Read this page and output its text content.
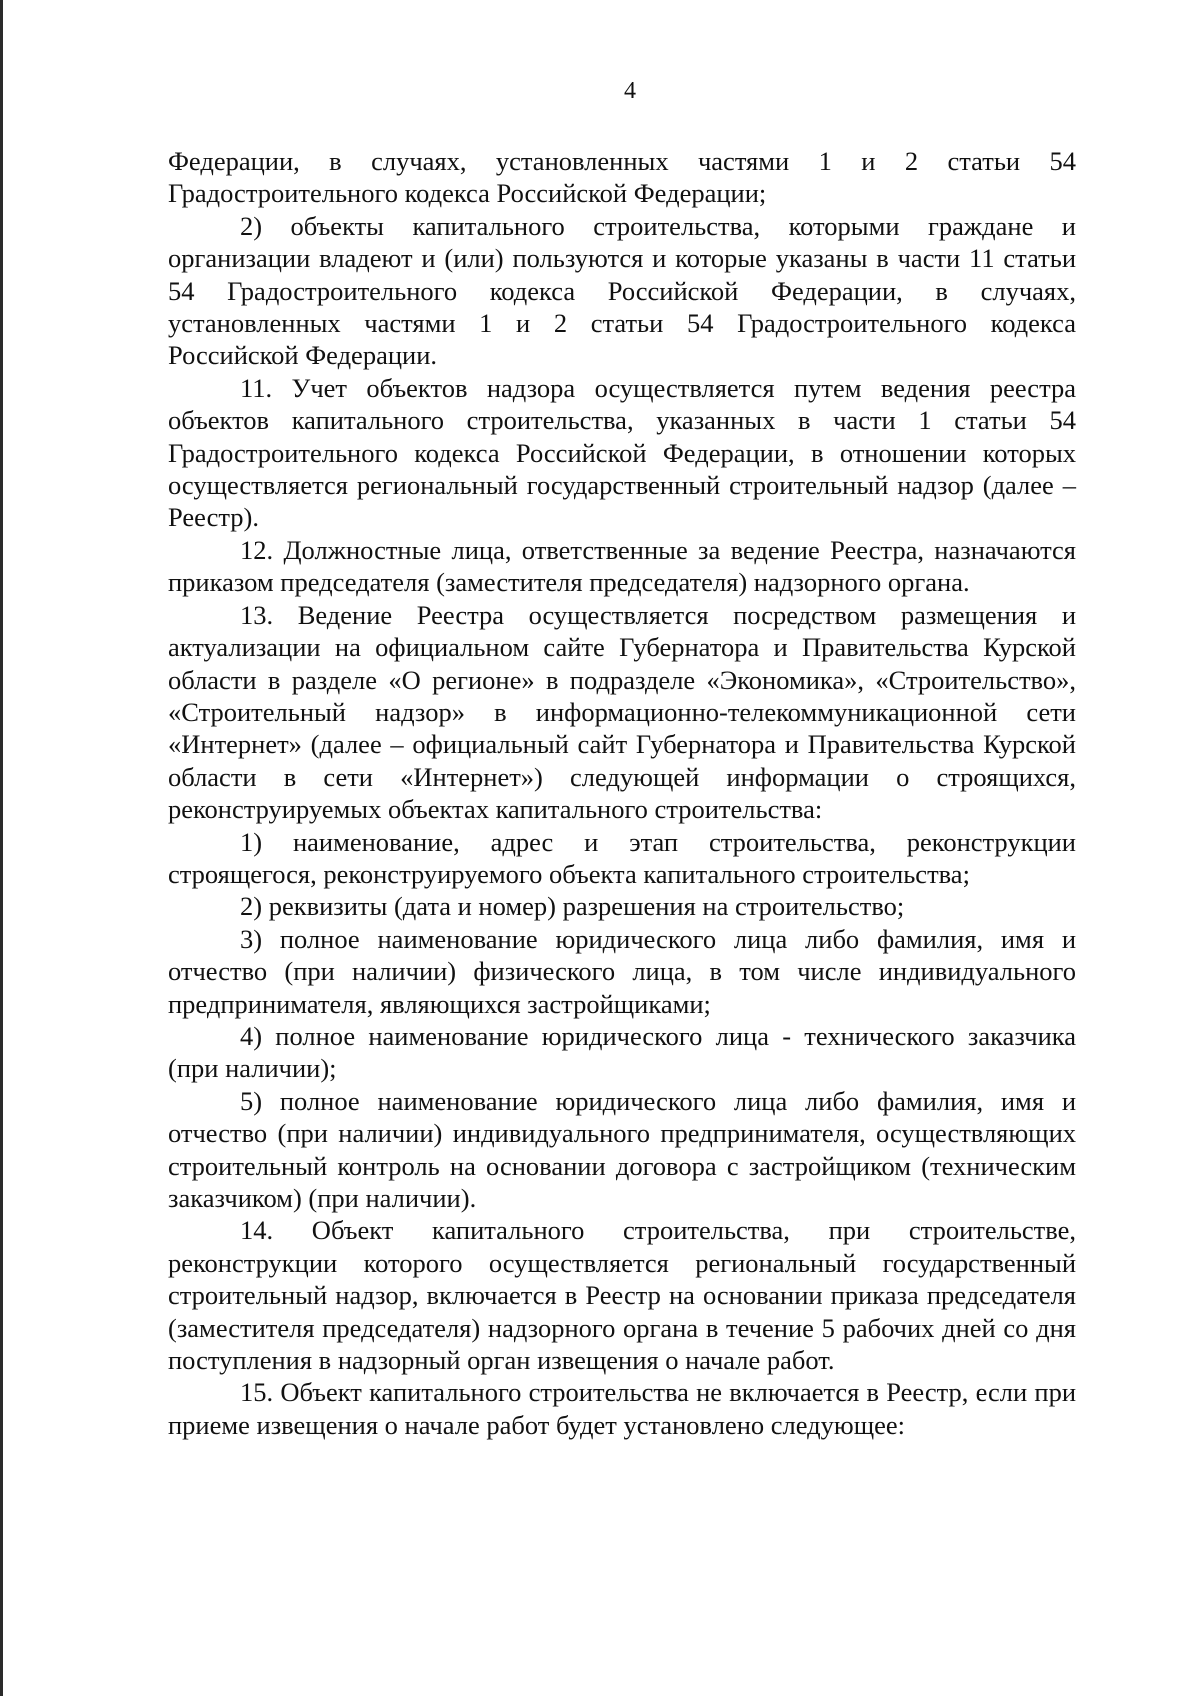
4

Федерации, в случаях, установленных частями 1 и 2 статьи 54 Градостроительного кодекса Российской Федерации;

2) объекты капитального строительства, которыми граждане и организации владеют и (или) пользуются и которые указаны в части 11 статьи 54 Градостроительного кодекса Российской Федерации, в случаях, установленных частями 1 и 2 статьи 54 Градостроительного кодекса Российской Федерации.

11. Учет объектов надзора осуществляется путем ведения реестра объектов капитального строительства, указанных в части 1 статьи 54 Градостроительного кодекса Российской Федерации, в отношении которых осуществляется региональный государственный строительный надзор (далее – Реестр).

12. Должностные лица, ответственные за ведение Реестра, назначаются приказом председателя (заместителя председателя) надзорного органа.

13. Ведение Реестра осуществляется посредством размещения и актуализации на официальном сайте Губернатора и Правительства Курской области в разделе «О регионе» в подразделе «Экономика», «Строительство», «Строительный надзор» в информационно-телекоммуникационной сети «Интернет» (далее – официальный сайт Губернатора и Правительства Курской области в сети «Интернет») следующей информации о строящихся, реконструируемых объектах капитального строительства:

1) наименование, адрес и этап строительства, реконструкции строящегося, реконструируемого объекта капитального строительства;

2) реквизиты (дата и номер) разрешения на строительство;

3) полное наименование юридического лица либо фамилия, имя и отчество (при наличии) физического лица, в том числе индивидуального предпринимателя, являющихся застройщиками;

4) полное наименование юридического лица - технического заказчика (при наличии);

5) полное наименование юридического лица либо фамилия, имя и отчество (при наличии) индивидуального предпринимателя, осуществляющих строительный контроль на основании договора с застройщиком (техническим заказчиком) (при наличии).

14. Объект капитального строительства, при строительстве, реконструкции которого осуществляется региональный государственный строительный надзор, включается в Реестр на основании приказа председателя (заместителя председателя) надзорного органа в течение 5 рабочих дней со дня поступления в надзорный орган извещения о начале работ.

15. Объект капитального строительства не включается в Реестр, если при приеме извещения о начале работ будет установлено следующее:
